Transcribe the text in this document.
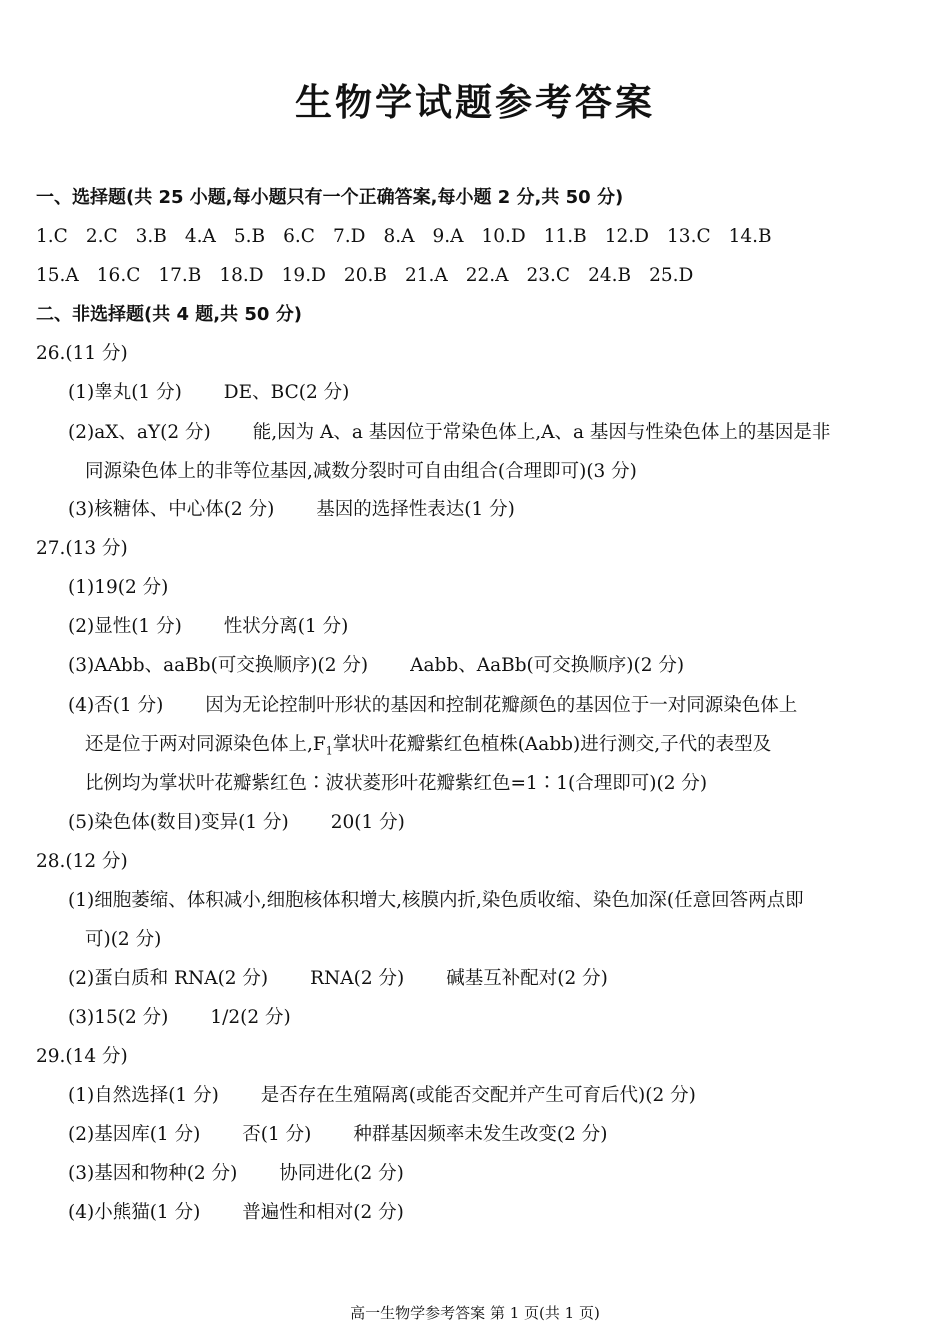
生物学试题参考答案
一、选择题(共 25 小题,每小题只有一个正确答案,每小题 2 分,共 50 分)
1.C 2.C 3.B 4.A 5.B 6.C 7.D 8.A 9.A 10.D 11.B 12.D 13.C 14.B
15.A 16.C 17.B 18.D 19.D 20.B 21.A 22.A 23.C 24.B 25.D
二、非选择题(共 4 题,共 50 分)
26.(11 分)
(1)睾丸(1 分) DE、BC(2 分)
(2)aX、aY(2 分) 能,因为 A、a 基因位于常染色体上,A、a 基因与性染色体上的基因是非
同源染色体上的非等位基因,减数分裂时可自由组合(合理即可)(3 分)
(3)核糖体、中心体(2 分) 基因的选择性表达(1 分)
27.(13 分)
(1)19(2 分)
(2)显性(1 分) 性状分离(1 分)
(3)AAbb、aaBb(可交换顺序)(2 分) Aabb、AaBb(可交换顺序)(2 分)
(4)否(1 分) 因为无论控制叶形状的基因和控制花瓣颜色的基因位于一对同源染色体上
还是位于两对同源染色体上$,F_1$掌状叶花瓣紫红色植株(Aabb)进行测交,子代的表型及
比例均为掌状叶花瓣紫红色∶波状菱形叶花瓣紫红色=1∶1(合理即可)(2 分)
(5)染色体(数目)变异(1 分) 20(1 分)
28.(12 分)
(1)细胞萎缩、体积减小,细胞核体积增大,核膜内折,染色质收缩、染色加深(任意回答两点即
可)(2 分)
(2)蛋白质和 RNA(2 分) RNA(2 分) 碱基互补配对(2 分)
(3)15(2 分) 1/2(2 分)
29.(14 分)
(1)自然选择(1 分) 是否存在生殖隔离(或能否交配并产生可育后代)(2 分)
(2)基因库(1 分) 否(1 分) 种群基因频率未发生改变(2 分)
(3)基因和物种(2 分) 协同进化(2 分)
(4)小熊猫(1 分) 普遍性和相对(2 分)
高一生物学参考答案 第 1 页(共 1 页)
